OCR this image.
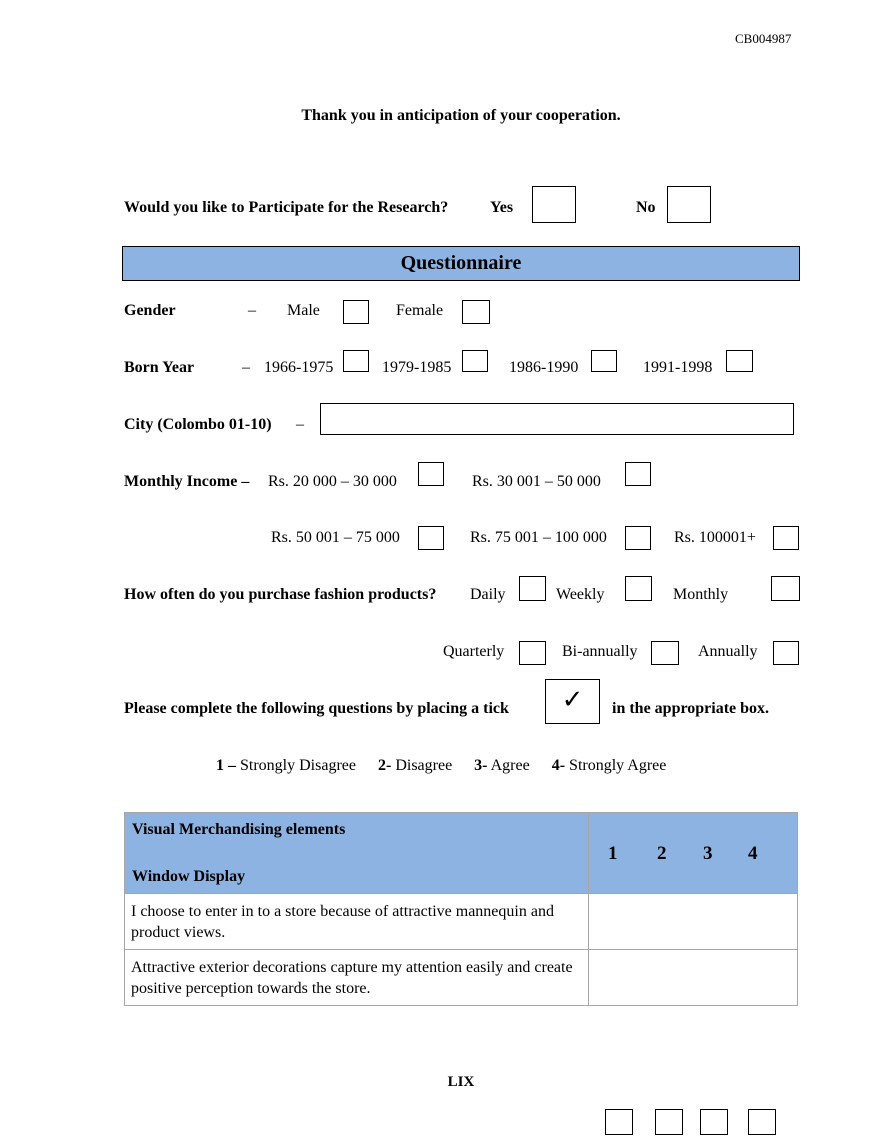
CB004987
Thank you in anticipation of your cooperation.
Would you like to Participate for the Research?	Yes	No
Questionnaire
Gender	– Male	Female
Born Year	– 1966-1975	1979-1985	1986-1990	1991-1998
City (Colombo 01-10) –
Monthly Income – Rs. 20 000 – 30 000	Rs. 30 001 – 50 000
Rs. 50 001 – 75 000	Rs. 75 001 – 100 000	Rs. 100001+
How often do you purchase fashion products? Daily	Weekly	Monthly
Quarterly	Bi-annually	Annually
Please complete the following questions by placing a tick	✓	in the appropriate box.
1 – Strongly Disagree 2- Disagree 3- Agree 4- Strongly Agree
Visual Merchandising elements
Window Display	1 2 3 4

I choose to enter in to a store because of attractive mannequin and product views.	
Attractive exterior decorations capture my attention easily and create positive perception towards the store.	
LIX
